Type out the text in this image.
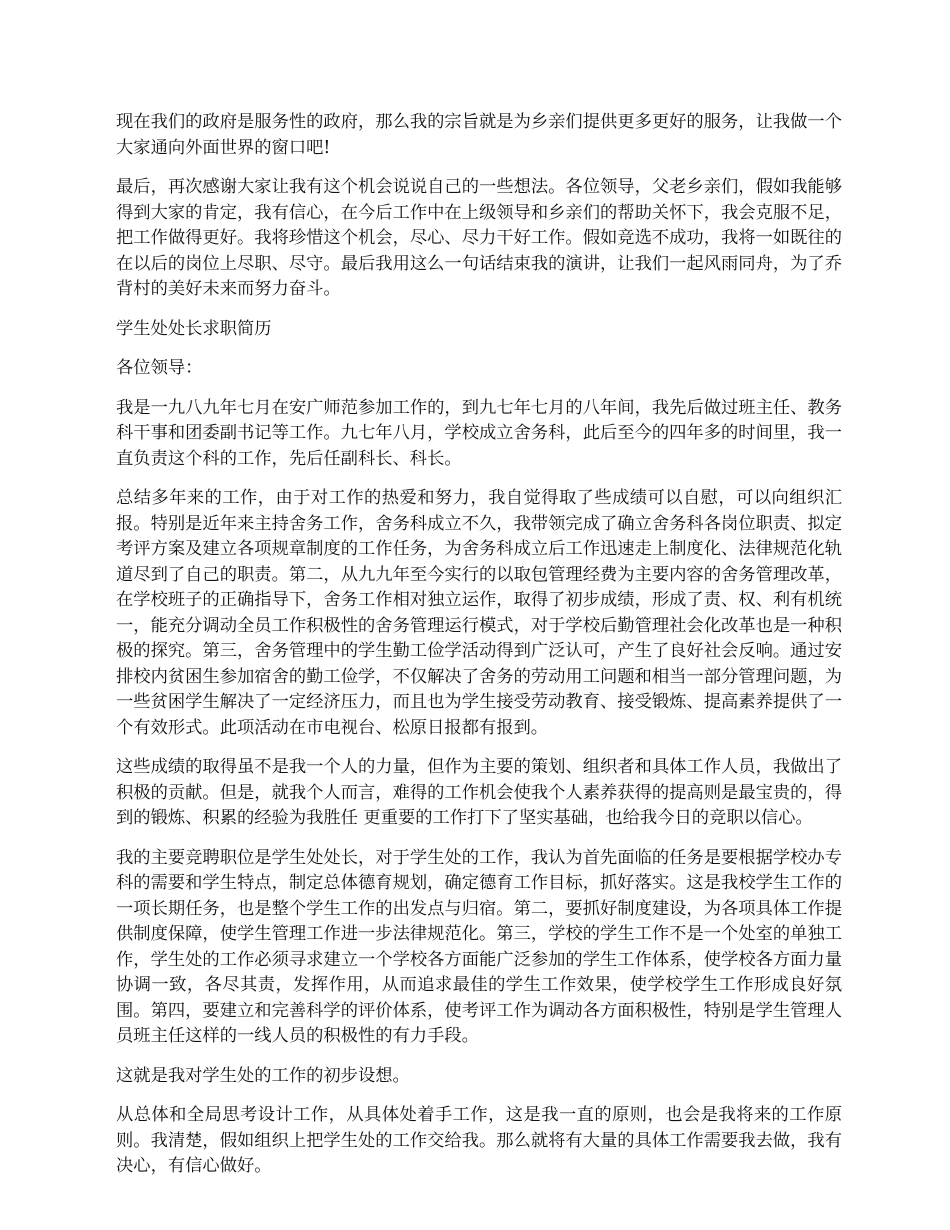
现在我们的政府是服务性的政府，那么我的宗旨就是为乡亲们提供更多更好的服务，让我做一个大家通向外面世界的窗口吧!

最后，再次感谢大家让我有这个机会说说自己的一些想法。各位领导，父老乡亲们，假如我能够得到大家的肯定，我有信心，在今后工作中在上级领导和乡亲们的帮助关怀下，我会克服不足，把工作做得更好。我将珍惜这个机会，尽心、尽力干好工作。假如竞选不成功，我将一如既往的在以后的岗位上尽职、尽守。最后我用这么一句话结束我的演讲，让我们一起风雨同舟，为了乔背村的美好未来而努力奋斗。

学生处处长求职简历

各位领导：

我是一九八九年七月在安广师范参加工作的，到九七年七月的八年间，我先后做过班主任、教务科干事和团委副书记等工作。九七年八月，学校成立舍务科，此后至今的四年多的时间里，我一直负责这个科的工作，先后任副科长、科长。

总结多年来的工作，由于对工作的热爱和努力，我自觉得取了些成绩可以自慰，可以向组织汇报。特别是近年来主持舍务工作，舍务科成立不久，我带领完成了确立舍务科各岗位职责、拟定考评方案及建立各项规章制度的工作任务，为舍务科成立后工作迅速走上制度化、法律规范化轨道尽到了自己的职责。第二，从九九年至今实行的以取包管理经费为主要内容的舍务管理改革，在学校班子的正确指导下，舍务工作相对独立运作，取得了初步成绩，形成了责、权、利有机统一，能充分调动全员工作积极性的舍务管理运行模式，对于学校后勤管理社会化改革也是一种积极的探究。第三，舍务管理中的学生勤工俭学活动得到广泛认可，产生了良好社会反响。通过安排校内贫困生参加宿舍的勤工俭学，不仅解决了舍务的劳动用工问题和相当一部分管理问题，为一些贫困学生解决了一定经济压力，而且也为学生接受劳动教育、接受锻炼、提高素养提供了一个有效形式。此项活动在市电视台、松原日报都有报到。

这些成绩的取得虽不是我一个人的力量，但作为主要的策划、组织者和具体工作人员，我做出了积极的贡献。但是，就我个人而言，难得的工作机会使我个人素养获得的提高则是最宝贵的，得到的锻炼、积累的经验为我胜任 更重要的工作打下了坚实基础，也给我今日的竞职以信心。

我的主要竞聘职位是学生处处长，对于学生处的工作，我认为首先面临的任务是要根据学校办专科的需要和学生特点，制定总体德育规划，确定德育工作目标，抓好落实。这是我校学生工作的一项长期任务，也是整个学生工作的出发点与归宿。第二，要抓好制度建设，为各项具体工作提供制度保障，使学生管理工作进一步法律规范化。第三，学校的学生工作不是一个处室的单独工作，学生处的工作必须寻求建立一个学校各方面能广泛参加的学生工作体系，使学校各方面力量协调一致，各尽其责，发挥作用，从而追求最佳的学生工作效果，使学校学生工作形成良好氛围。第四，要建立和完善科学的评价体系，使考评工作为调动各方面积极性，特别是学生管理人员班主任这样的一线人员的积极性的有力手段。

这就是我对学生处的工作的初步设想。

从总体和全局思考设计工作，从具体处着手工作，这是我一直的原则，也会是我将来的工作原则。我清楚，假如组织上把学生处的工作交给我。那么就将有大量的具体工作需要我去做，我有决心，有信心做好。
